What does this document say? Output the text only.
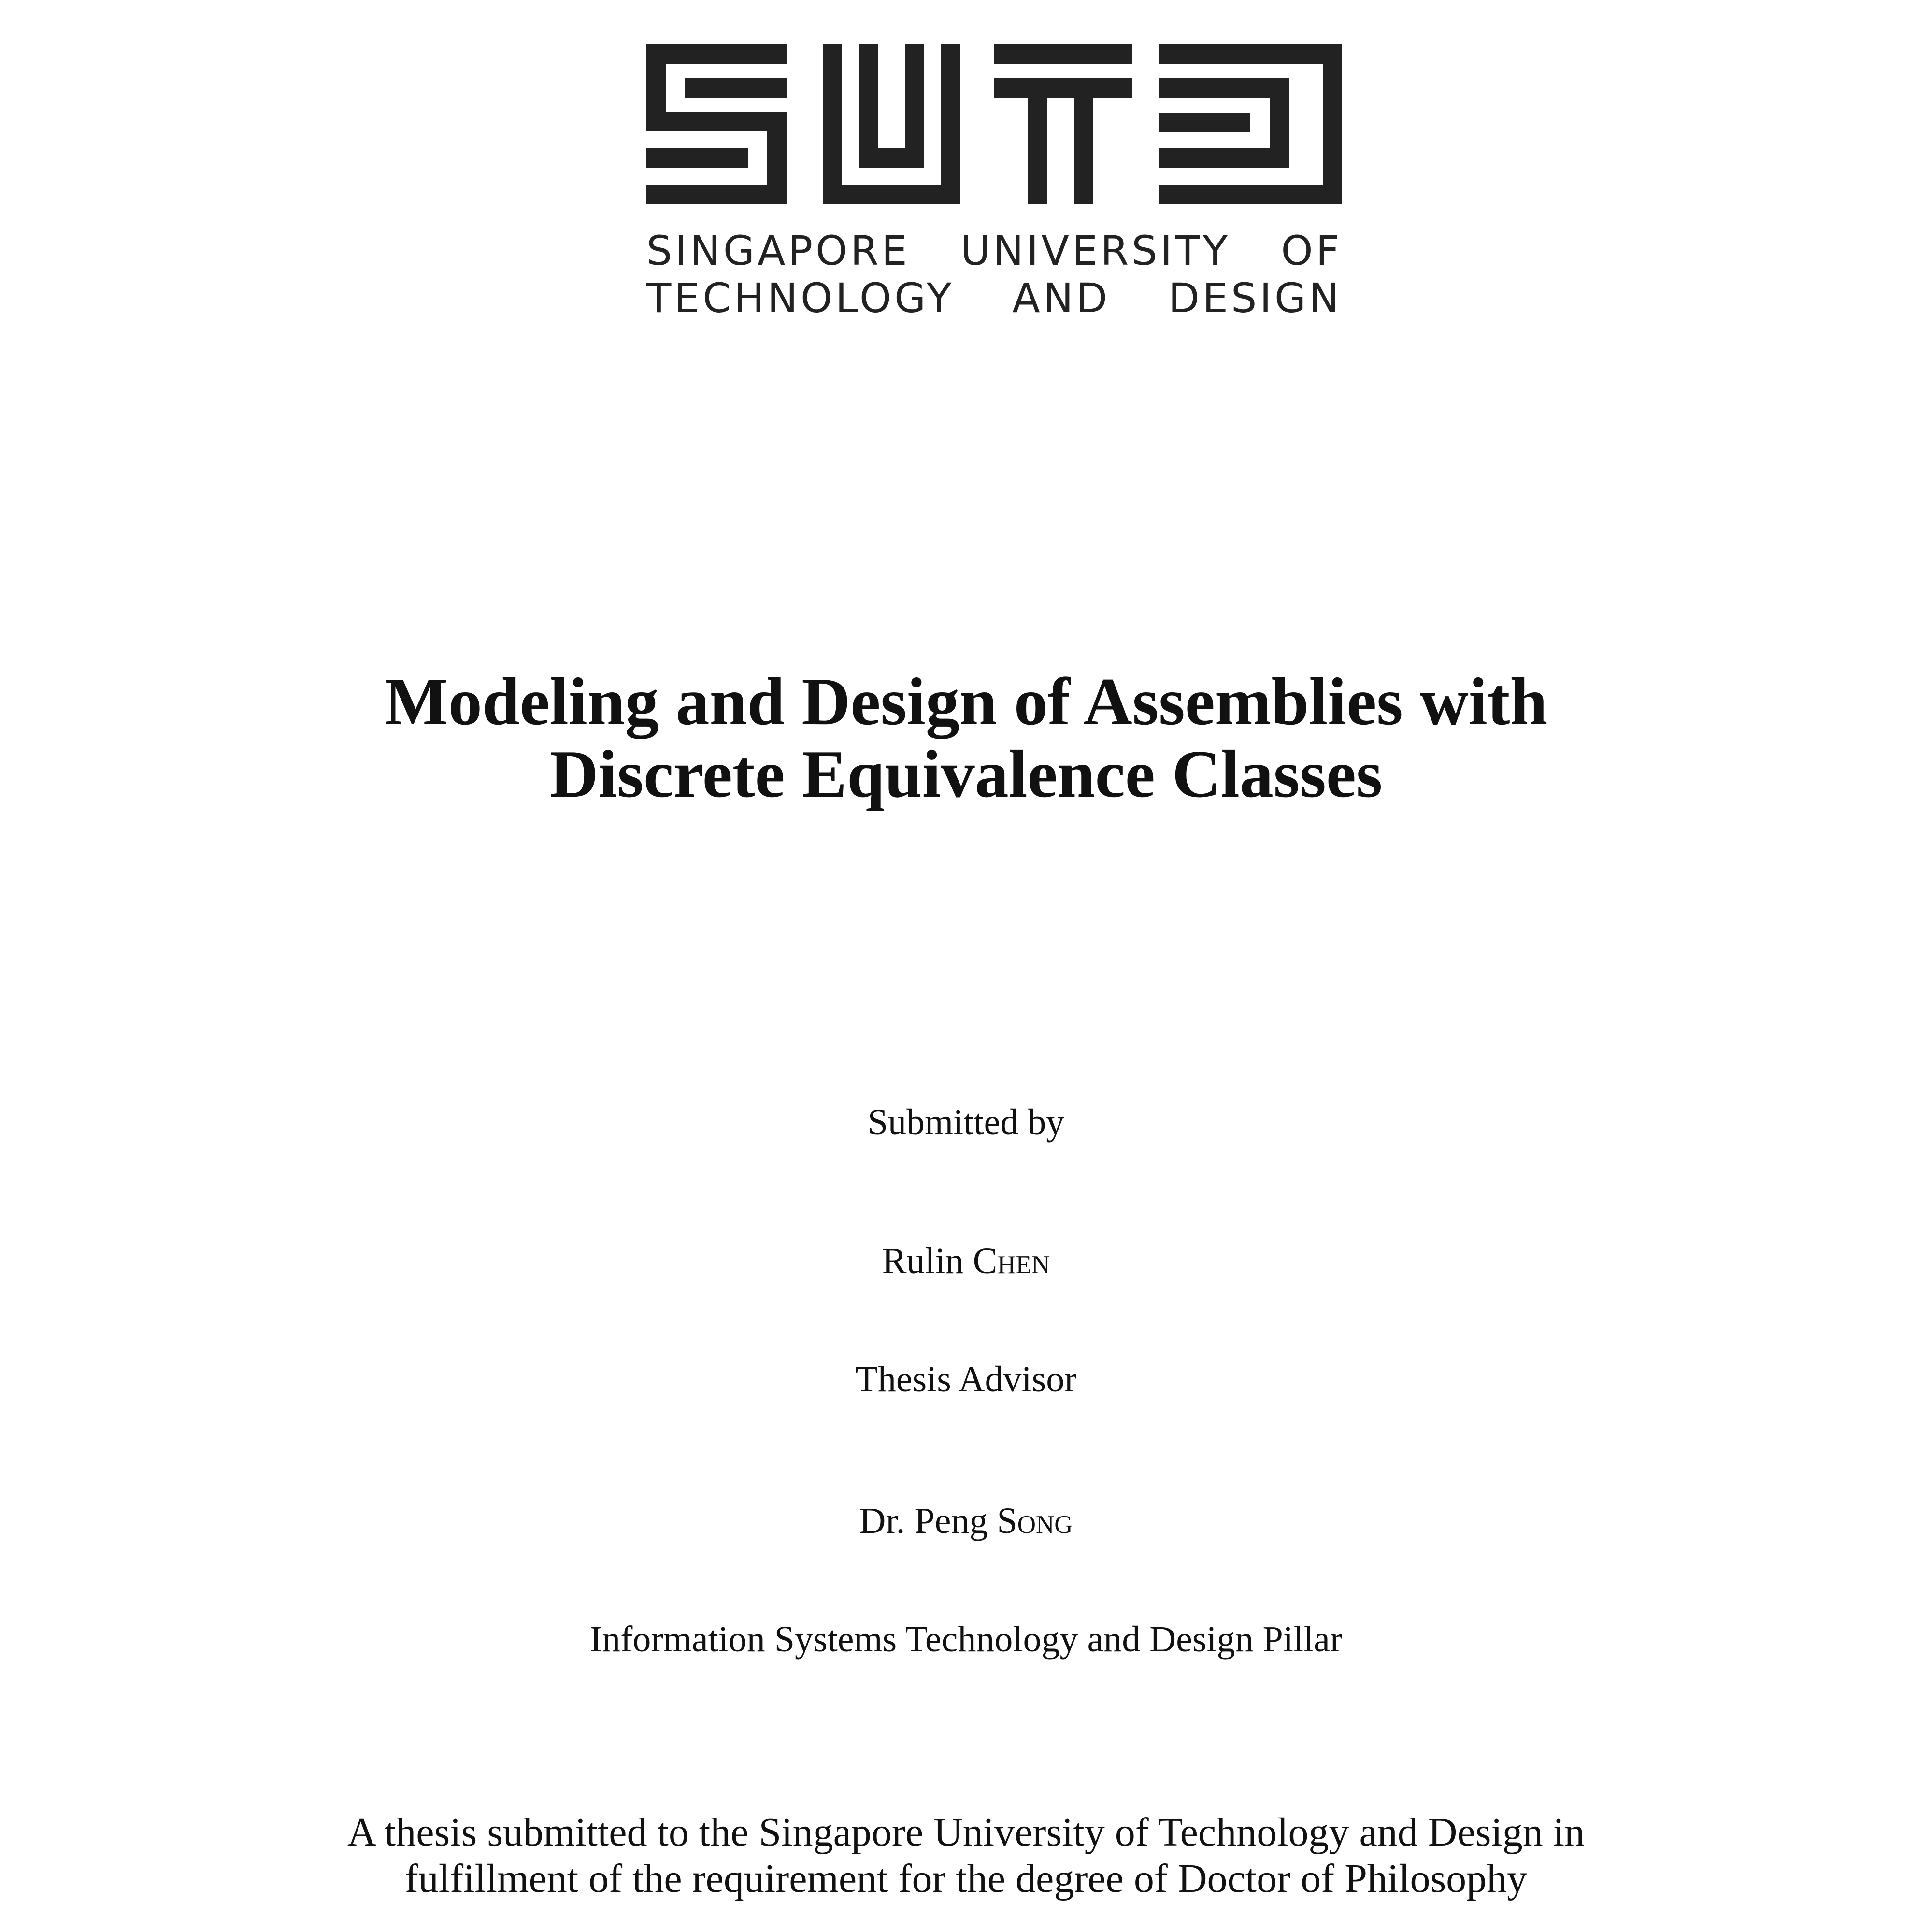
SINGAPORE UNIVERSITY OF
TECHNOLOGY AND DESIGN
Modeling and Design of Assemblies with
Discrete Equivalence Classes
Submitted by
Rulin Chen
Thesis Advisor
Dr. Peng Song
Information Systems Technology and Design Pillar
A thesis submitted to the Singapore University of Technology and Design in
fulfillment of the requirement for the degree of Doctor of Philosophy
